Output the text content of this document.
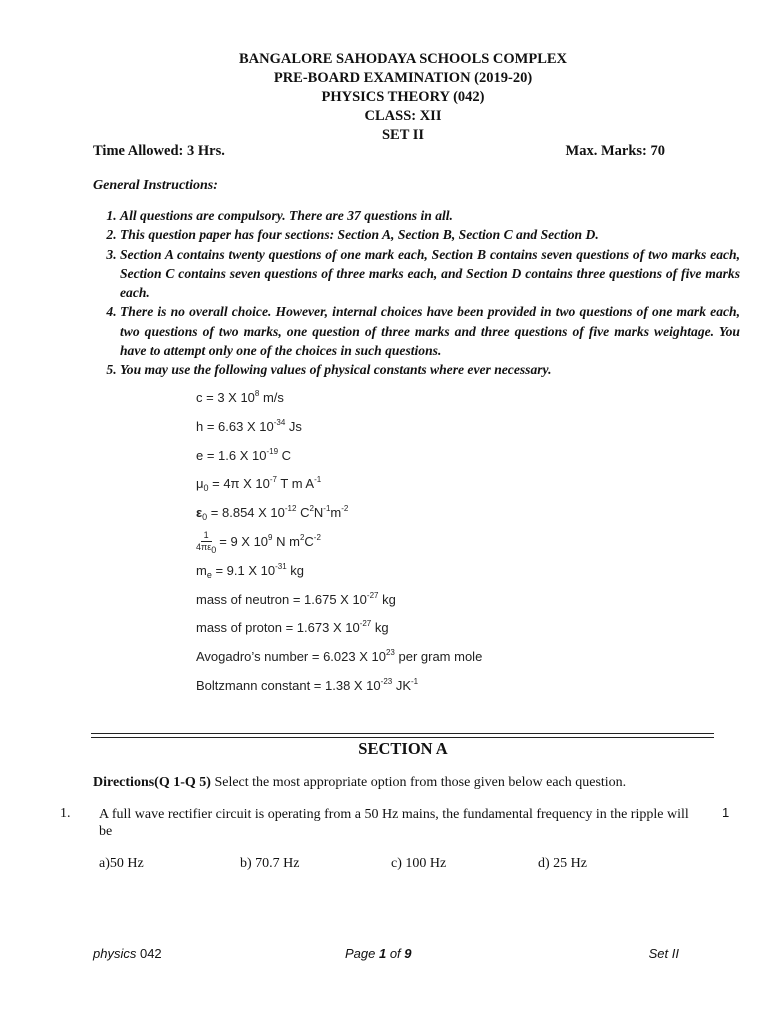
BANGALORE SAHODAYA SCHOOLS COMPLEX
PRE-BOARD EXAMINATION (2019-20)
PHYSICS THEORY (042)
CLASS: XII
SET II
Time Allowed: 3 Hrs.	Max. Marks: 70
General Instructions:
1. All questions are compulsory. There are 37 questions in all.
2. This question paper has four sections: Section A, Section B, Section C and Section D.
3. Section A contains twenty questions of one mark each, Section B contains seven questions of two marks each, Section C contains seven questions of three marks each, and Section D contains three questions of five marks each.
4. There is no overall choice. However, internal choices have been provided in two questions of one mark each, two questions of two marks, one question of three marks and three questions of five marks weightage. You have to attempt only one of the choices in such questions.
5. You may use the following values of physical constants where ever necessary.
c = 3 X $10^8$ m/s
h = 6.63 X $10^{-34}$ Js
e = 1.6 X $10^{-19}$ C
$\mu_0 = 4\pi$ X $10^{-7}$ T m $A^{-1}$
$\varepsilon_0 = 8.854$ X $10^{-12}$ $C^2N^{-1}m^{-2}$
$\frac{1}{4\pi\varepsilon_0} = 9$ X $10^9$ N $m^2C^{-2}$
$m_e = 9.1$ X $10^{-31}$ kg
mass of neutron = 1.675 X $10^{-27}$ kg
mass of proton = 1.673 X $10^{-27}$ kg
Avogadro’s number = 6.023 X $10^{23}$ per gram mole
Boltzmann constant = 1.38 X $10^{-23}$ $JK^{-1}$
SECTION A
Directions(Q 1-Q 5) Select the most appropriate option from those given below each question.
1. A full wave rectifier circuit is operating from a 50 Hz mains, the fundamental frequency in the ripple will be
1
a)50 Hz	b) 70.7 Hz	c) 100 Hz	d) 25 Hz
physics 042	Page 1 of 9	Set II
